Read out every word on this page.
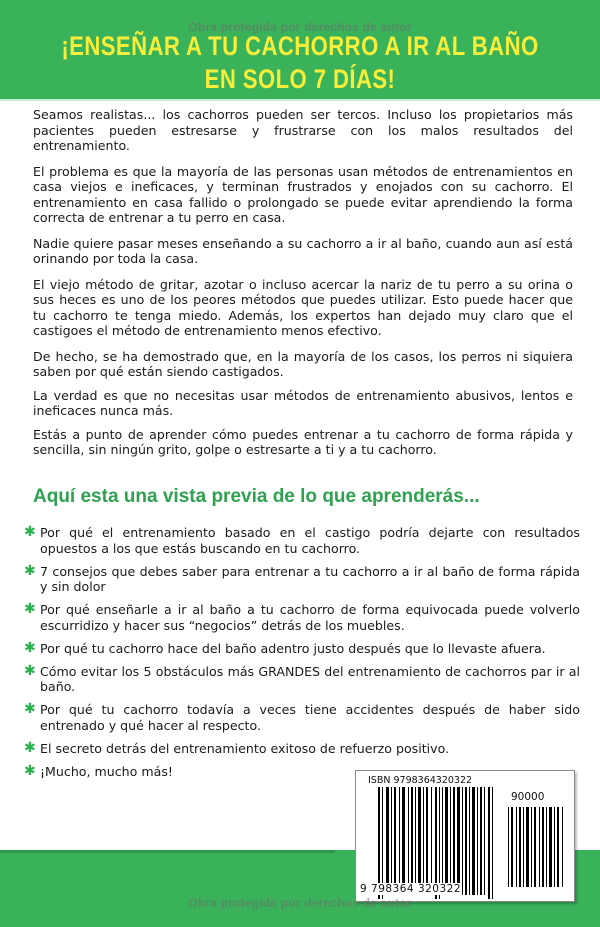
Obra protegida por derechos de autor
¡ENSEÑAR A TU CACHORRO A IR AL BAÑO
EN SOLO 7 DÍAS!

Seamos realistas... los cachorros pueden ser tercos. Incluso los propietarios más pacientes pueden estresarse y frustrarse con los malos resultados del entrenamiento.

El problema es que la mayoría de las personas usan métodos de entrenamientos en casa viejos e ineficaces, y terminan frustrados y enojados con su cachorro. El entrenamiento en casa fallido o prolongado se puede evitar aprendiendo la forma correcta de entrenar a tu perro en casa.

Nadie quiere pasar meses enseñando a su cachorro a ir al baño, cuando aun así está orinando por toda la casa.

El viejo método de gritar, azotar o incluso acercar la nariz de tu perro a su orina o sus heces es uno de los peores métodos que puedes utilizar. Esto puede hacer que tu cachorro te tenga miedo. Además, los expertos han dejado muy claro que el castigoes el método de entrenamiento menos efectivo.

De hecho, se ha demostrado que, en la mayoría de los casos, los perros ni siquiera saben por qué están siendo castigados.

La verdad es que no necesitas usar métodos de entrenamiento abusivos, lentos e ineficaces nunca más.

Estás a punto de aprender cómo puedes entrenar a tu cachorro de forma rápida y sencilla, sin ningún grito, golpe o estresarte a ti y a tu cachorro.

Aquí esta una vista previa de lo que aprenderás...
✱ Por qué el entrenamiento basado en el castigo podría dejarte con resultados opuestos a los que estás buscando en tu cachorro.
✱ 7 consejos que debes saber para entrenar a tu cachorro a ir al baño de forma rápida y sin dolor
✱ Por qué enseñarle a ir al baño a tu cachorro de forma equivocada puede volverlo escurridizo y hacer sus “negocios” detrás de los muebles.
✱ Por qué tu cachorro hace del baño adentro justo después que lo llevaste afuera.
✱ Cómo evitar los 5 obstáculos más GRANDES del entrenamiento de cachorros par ir al baño.
✱ Por qué tu cachorro todavía a veces tiene accidentes después de haber sido entrenado y qué hacer al respecto.
✱ El secreto detrás del entrenamiento exitoso de refuerzo positivo.
✱ ¡Mucho, mucho más!
ISBN 9798364320322
90000
9 798364 320322
Obra protegida por derechos de autor
